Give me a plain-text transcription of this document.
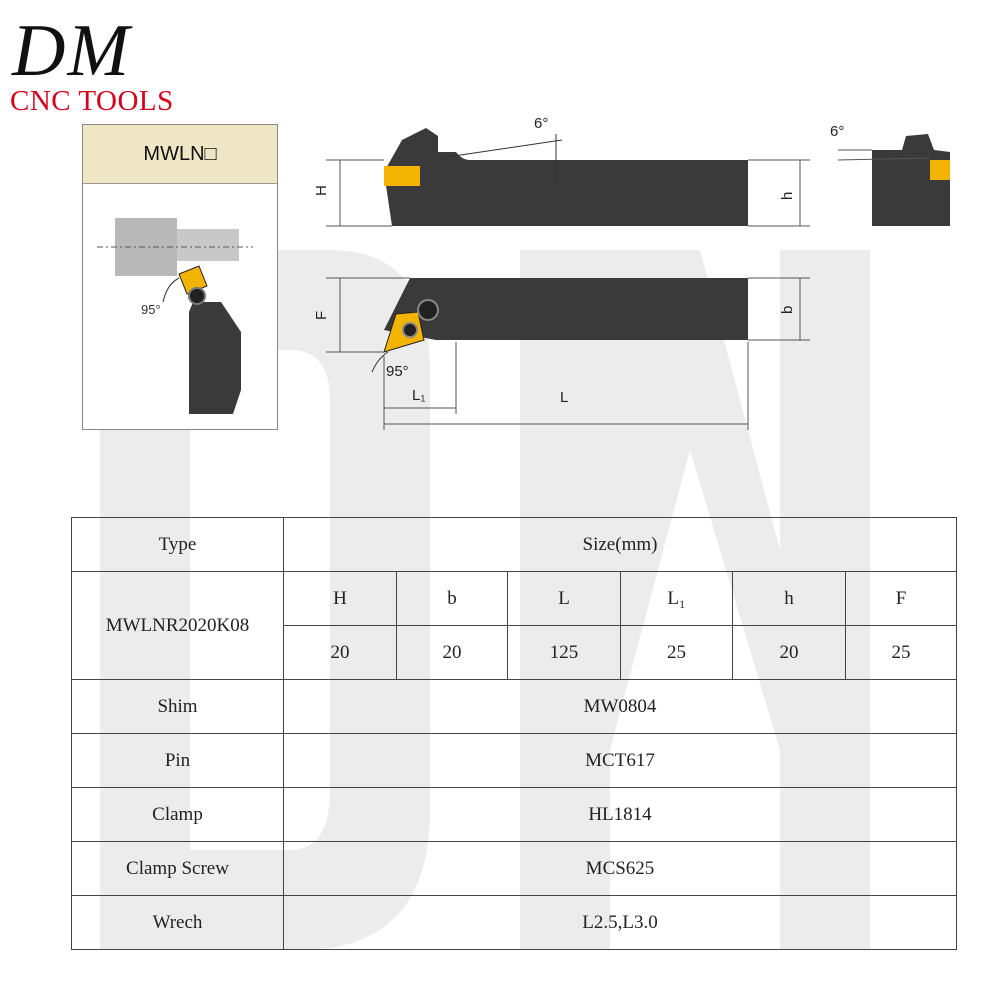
DM
CNC TOOLS
MWLN□
95°
6°
H	h
6°
F
b
95°
L₁	L
Type	Size(mm)					
MWLNR2020K08	H	b	L	L₁	h	F
	20	20	125	25	20	25
Shim	MW0804					
Pin	MCT617					
Clamp	HL1814					
Clamp Screw	MCS625					
Wrech	L2.5,L3.0					
